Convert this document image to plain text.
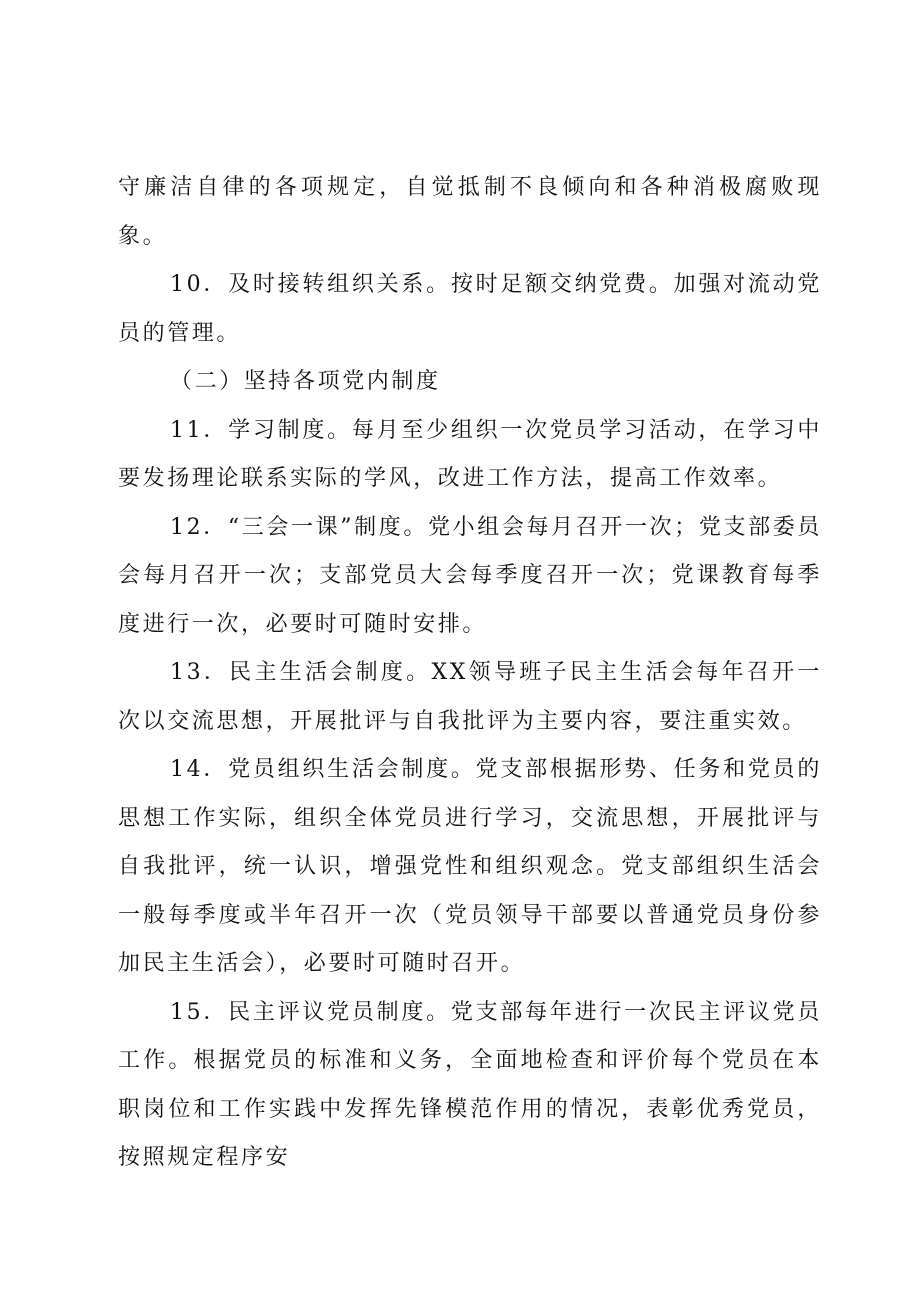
守廉洁自律的各项规定，自觉抵制不良倾向和各种消极腐败现象。

10．及时接转组织关系。按时足额交纳党费。加强对流动党员的管理。

（二）坚持各项党内制度

11．学习制度。每月至少组织一次党员学习活动，在学习中要发扬理论联系实际的学风，改进工作方法，提高工作效率。

12．“三会一课”制度。党小组会每月召开一次；党支部委员会每月召开一次；支部党员大会每季度召开一次；党课教育每季度进行一次，必要时可随时安排。

13．民主生活会制度。XX领导班子民主生活会每年召开一次以交流思想，开展批评与自我批评为主要内容，要注重实效。

14．党员组织生活会制度。党支部根据形势、任务和党员的思想工作实际，组织全体党员进行学习，交流思想，开展批评与自我批评，统一认识，增强党性和组织观念。党支部组织生活会一般每季度或半年召开一次（党员领导干部要以普通党员身份参加民主生活会），必要时可随时召开。

15．民主评议党员制度。党支部每年进行一次民主评议党员工作。根据党员的标准和义务，全面地检查和评价每个党员在本职岗位和工作实践中发挥先锋模范作用的情况，表彰优秀党员，按照规定程序安
